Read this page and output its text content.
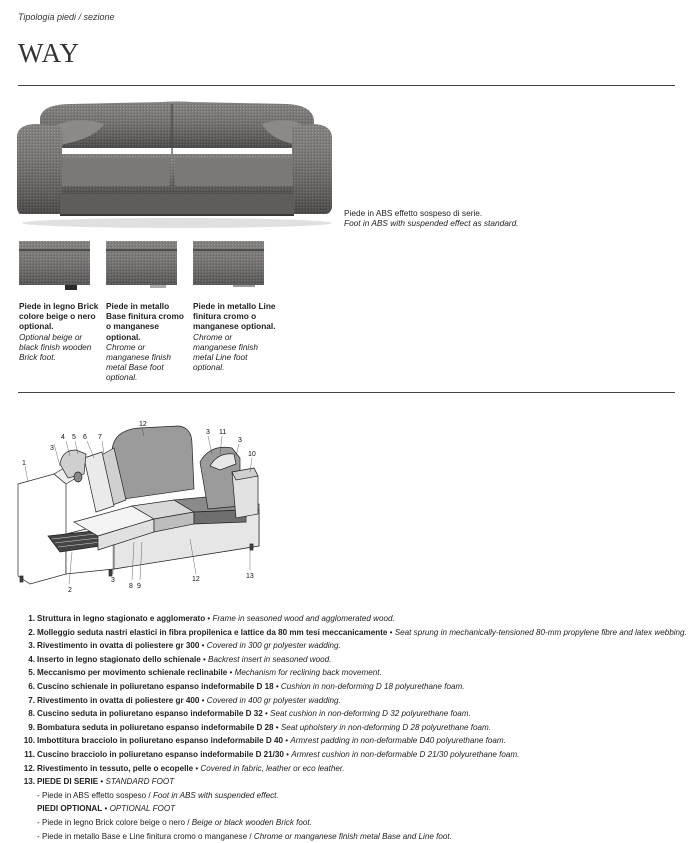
Tipologia piedi / sezione
WAY
Piede in ABS effetto sospeso di serie.
Foot in ABS with suspended effect as standard.
Piede in legno Brick colore beige o nero optional.
Optional beige or black finish wooden Brick foot.
Piede in metallo Base finitura cromo o manganese optional.
Chrome or manganese finish metal Base foot optional.
Piede in metallo Line finitura cromo o manganese optional.
Chrome or manganese finish metal Line foot optional.
1
2
3
4 5 6 7
3
8 9
12
3 11
3
10
12	13
1. Struttura in legno stagionato e agglomerato • Frame in seasoned wood and agglomerated wood.
2. Molleggio seduta nastri elastici in fibra propilenica e lattice da 80 mm tesi meccanicamente • Seat sprung in mechanically-tensioned 80-mm propylene fibre and latex webbing.
3. Rivestimento in ovatta di poliestere gr 300 • Covered in 300 gr polyester wadding.
4. Inserto in legno stagionato dello schienale • Backrest insert in seasoned wood.
5. Meccanismo per movimento schienale reclinabile • Mechanism for reclining back movement.
6. Cuscino schienale in poliuretano espanso indeformabile D 18 • Cushion in non-deforming D 18 polyurethane foam.
7. Rivestimento in ovatta di poliestere gr 400 • Covered in 400 gr polyester wadding.
8. Cuscino seduta in poliuretano espanso indeformabile D 32 • Seat cushion in non-deforming D 32 polyurethane foam.
9. Bombatura seduta in poliuretano espanso indeformabile D 28 • Seat upholstery in non-deforming D 28 polyurethane foam.
10. Imbottitura bracciolo in poliuretano espanso indeformabile D 40 • Armrest padding in non-deformable D40 polyurethane foam.
11. Cuscino bracciolo in poliuretano espanso indeformabile D 21/30 • Armrest cushion in non-deformable D 21/30 polyurethane foam.
12. Rivestimento in tessuto, pelle o ecopelle • Covered in fabric, leather or eco leather.
13. PIEDE DI SERIE • STANDARD FOOT
- Piede in ABS effetto sospeso / Foot in ABS with suspended effect.
PIEDI OPTIONAL • OPTIONAL FOOT
- Piede in legno Brick colore beige o nero / Beige or black wooden Brick foot.
- Piede in metallo Base e Line finitura cromo o manganese / Chrome or manganese finish metal Base and Line foot.
